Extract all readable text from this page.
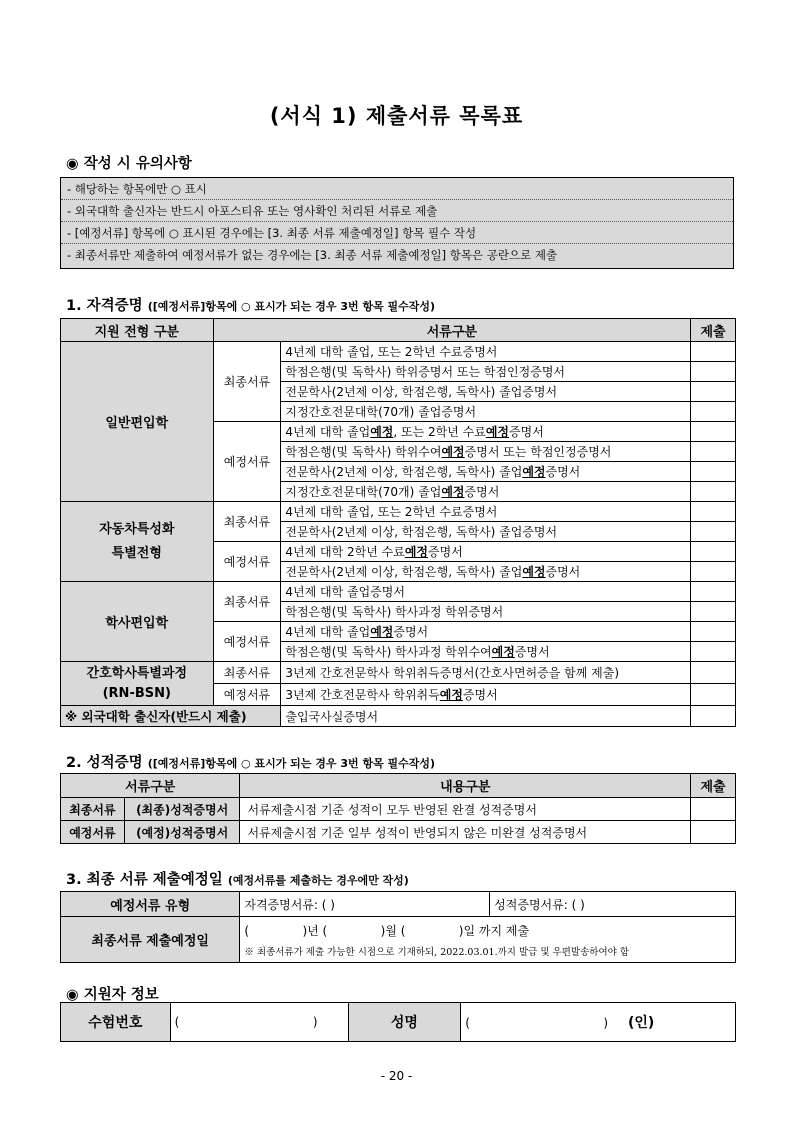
(서식 1) 제출서류 목록표
◉ 작성 시 유의사항
- 해당하는 항목에만 ○ 표시
- 외국대학 출신자는 반드시 아포스티유 또는 영사확인 처리된 서류로 제출
- [예정서류] 항목에 ○ 표시된 경우에는 [3. 최종 서류 제출예정일] 항목 필수 작성
- 최종서류만 제출하여 예정서류가 없는 경우에는 [3. 최종 서류 제출예정일] 항목은 공란으로 제출
1. 자격증명 ([예정서류]항목에 ○ 표시가 되는 경우 3번 항목 필수작성)
지원 전형 구분	서류구분		제출
일반편입학	최종서류	4년제 대학 졸업, 또는 2학년 수료증명서	
		학점은행(및 독학사) 학위증명서 또는 학점인정증명서	
		전문학사(2년제 이상, 학점은행, 독학사) 졸업증명서	
		지정간호전문대학(70개) 졸업증명서	
	예정서류	4년제 대학 졸업예정, 또는 2학년 수료예정증명서	
		학점은행(및 독학사) 학위수여예정증명서 또는 학점인정증명서	
		전문학사(2년제 이상, 학점은행, 독학사) 졸업예정증명서	
		지정간호전문대학(70개) 졸업예정증명서	
자동차특성화
특별전형	최종서류	4년제 대학 졸업, 또는 2학년 수료증명서	
		전문학사(2년제 이상, 학점은행, 독학사) 졸업증명서	
	예정서류	4년제 대학 2학년 수료예정증명서	
		전문학사(2년제 이상, 학점은행, 독학사) 졸업예정증명서	
학사편입학	최종서류	4년제 대학 졸업증명서	
		학점은행(및 독학사) 학사과정 학위증명서	
	예정서류	4년제 대학 졸업예정증명서	
		학점은행(및 독학사) 학사과정 학위수여예정증명서	
간호학사특별과정
(RN-BSN)	최종서류	3년제 간호전문학사 학위취득증명서(간호사면허증을 함께 제출)	
	예정서류	3년제 간호전문학사 학위취득예정증명서	
※ 외국대학 출신자(반드시 제출)		출입국사실증명서	
2. 성적증명 ([예정서류]항목에 ○ 표시가 되는 경우 3번 항목 필수작성)
서류구분		내용구분	제출
최종서류	(최종)성적증명서	서류제출시점 기준 성적이 모두 반영된 완결 성적증명서	
예정서류	(예정)성적증명서	서류제출시점 기준 일부 성적이 반영되지 않은 미완결 성적증명서	
3. 최종 서류 제출예정일 (예정서류를 제출하는 경우에만 작성)
예정서류 유형	자격증명서류: ( )	성적증명서류: ( )
최종서류 제출예정일	(              )년 (              )월 (              )일 까지 제출
※ 최종서류가 제출 가능한 시점으로 기재하되, 2022.03.01.까지 발급 및 우편발송하여야 함	
◉ 지원자 정보
수험번호	(                                   )	성명	(                                   ) (인)
- 20 -
